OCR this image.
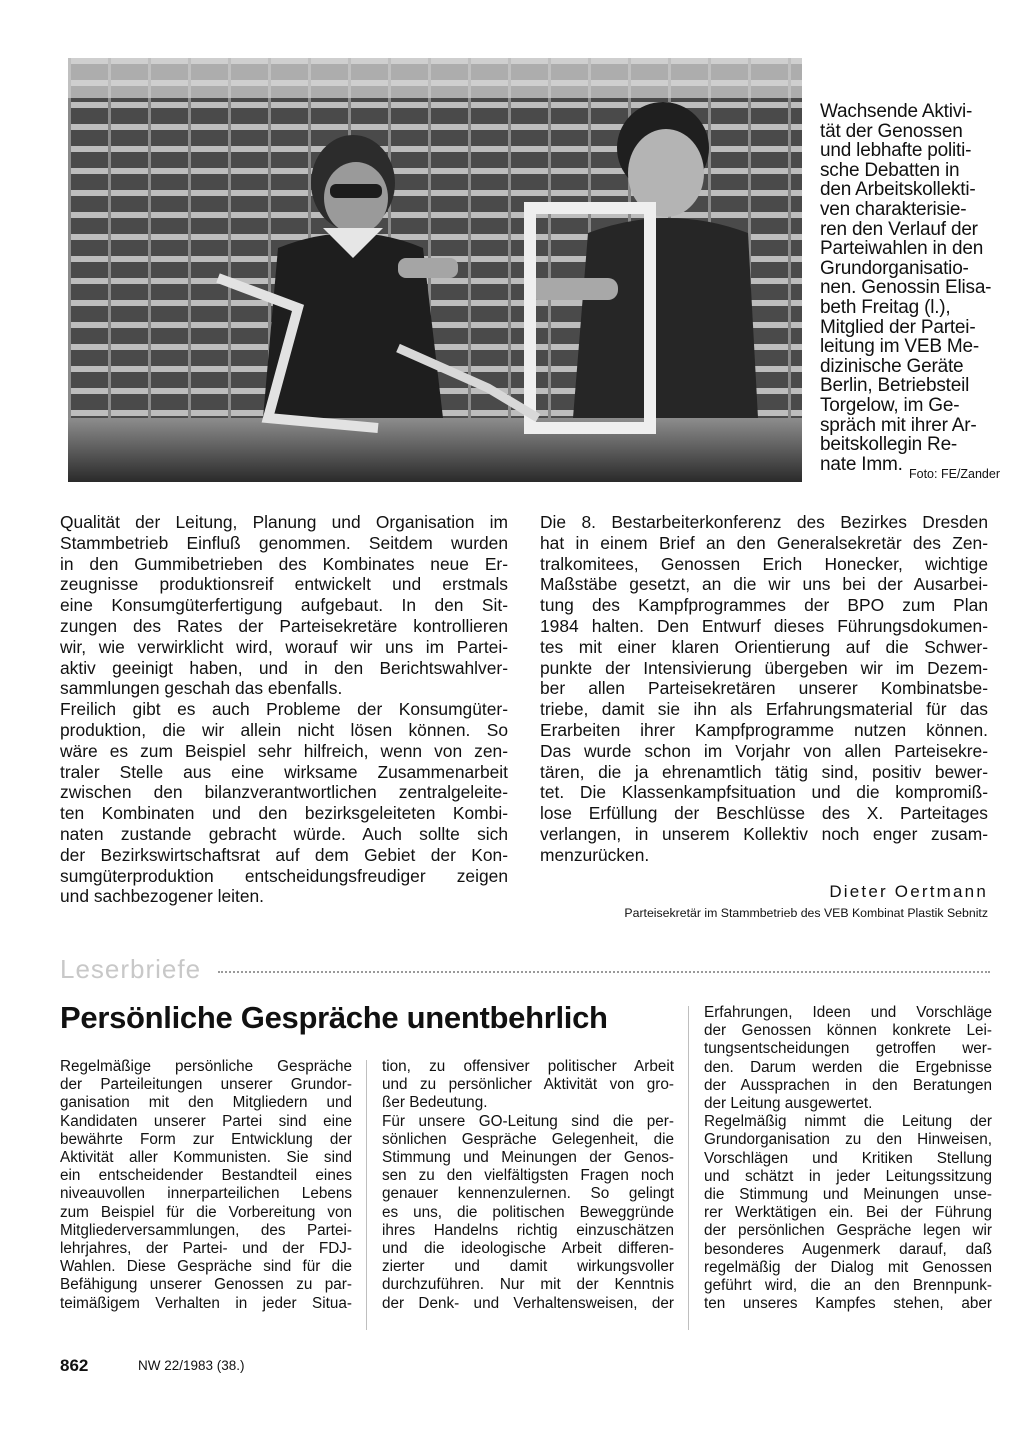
Wachsende Aktivi-
tät der Genossen
und lebhafte politi-
sche Debatten in
den Arbeitskollekti-
ven charakterisie-
ren den Verlauf der
Parteiwahlen in den
Grundorganisatio-
nen. Genossin Elisa-
beth Freitag (l.),
Mitglied der Partei-
leitung im VEB Me-
dizinische Geräte
Berlin, Betriebsteil
Torgelow, im Ge-
spräch mit ihrer Ar-
beitskollegin Re-
nate Imm. Foto: FE/Zander
Qualität der Leitung, Planung und Organisation im
Stammbetrieb Einfluß genommen. Seitdem wurden
in den Gummibetrieben des Kombinates neue Er-
zeugnisse produktionsreif entwickelt und erstmals
eine Konsumgüterfertigung aufgebaut. In den Sit-
zungen des Rates der Parteisekretäre kontrollieren
wir, wie verwirklicht wird, worauf wir uns im Partei-
aktiv geeinigt haben, und in den Berichtswahlver-
sammlungen geschah das ebenfalls.
Freilich gibt es auch Probleme der Konsumgüter-
produktion, die wir allein nicht lösen können. So
wäre es zum Beispiel sehr hilfreich, wenn von zen-
traler Stelle aus eine wirksame Zusammenarbeit
zwischen den bilanzverantwortlichen zentralgeleite-
ten Kombinaten und den bezirksgeleiteten Kombi-
naten zustande gebracht würde. Auch sollte sich
der Bezirkswirtschaftsrat auf dem Gebiet der Kon-
sumgüterproduktion entscheidungsfreudiger zeigen
und sachbezogener leiten.
Die 8. Bestarbeiterkonferenz des Bezirkes Dresden
hat in einem Brief an den Generalsekretär des Zen-
tralkomitees, Genossen Erich Honecker, wichtige
Maßstäbe gesetzt, an die wir uns bei der Ausarbei-
tung des Kampfprogrammes der BPO zum Plan
1984 halten. Den Entwurf dieses Führungsdokumen-
tes mit einer klaren Orientierung auf die Schwer-
punkte der Intensivierung übergeben wir im Dezem-
ber allen Parteisekretären unserer Kombinatsbe-
triebe, damit sie ihn als Erfahrungsmaterial für das
Erarbeiten ihrer Kampfprogramme nutzen können.
Das wurde schon im Vorjahr von allen Parteisekre-
tären, die ja ehrenamtlich tätig sind, positiv bewer-
tet. Die Klassenkampfsituation und die kompromiß-
lose Erfüllung der Beschlüsse des X. Parteitages
verlangen, in unserem Kollektiv noch enger zusam-
menzurücken.
Dieter Oertmann
Parteisekretär im Stammbetrieb des VEB Kombinat Plastik Sebnitz
Leserbriefe
Persönliche Gespräche unentbehrlich
Regelmäßige persönliche Gespräche
der Parteileitungen unserer Grundor-
ganisation mit den Mitgliedern und
Kandidaten unserer Partei sind eine
bewährte Form zur Entwicklung der
Aktivität aller Kommunisten. Sie sind
ein entscheidender Bestandteil eines
niveauvollen innerparteilichen Lebens
zum Beispiel für die Vorbereitung von
Mitgliederversammlungen, des Partei-
lehrjahres, der Partei- und der FDJ-
Wahlen. Diese Gespräche sind für die
Befähigung unserer Genossen zu par-
teimäßigem Verhalten in jeder Situa-
tion, zu offensiver politischer Arbeit
und zu persönlicher Aktivität von gro-
ßer Bedeutung.
Für unsere GO-Leitung sind die per-
sönlichen Gespräche Gelegenheit, die
Stimmung und Meinungen der Genos-
sen zu den vielfältigsten Fragen noch
genauer kennenzulernen. So gelingt
es uns, die politischen Beweggründe
ihres Handelns richtig einzuschätzen
und die ideologische Arbeit differen-
zierter und damit wirkungsvoller
durchzuführen. Nur mit der Kenntnis
der Denk- und Verhaltensweisen, der
Erfahrungen, Ideen und Vorschläge
der Genossen können konkrete Lei-
tungsentscheidungen getroffen wer-
den. Darum werden die Ergebnisse
der Aussprachen in den Beratungen
der Leitung ausgewertet.
Regelmäßig nimmt die Leitung der
Grundorganisation zu den Hinweisen,
Vorschlägen und Kritiken Stellung
und schätzt in jeder Leitungssitzung
die Stimmung und Meinungen unse-
rer Werktätigen ein. Bei der Führung
der persönlichen Gespräche legen wir
besonderes Augenmerk darauf, daß
regelmäßig der Dialog mit Genossen
geführt wird, die an den Brennpunk-
ten unseres Kampfes stehen, aber
862	NW 22/1983 (38.)
